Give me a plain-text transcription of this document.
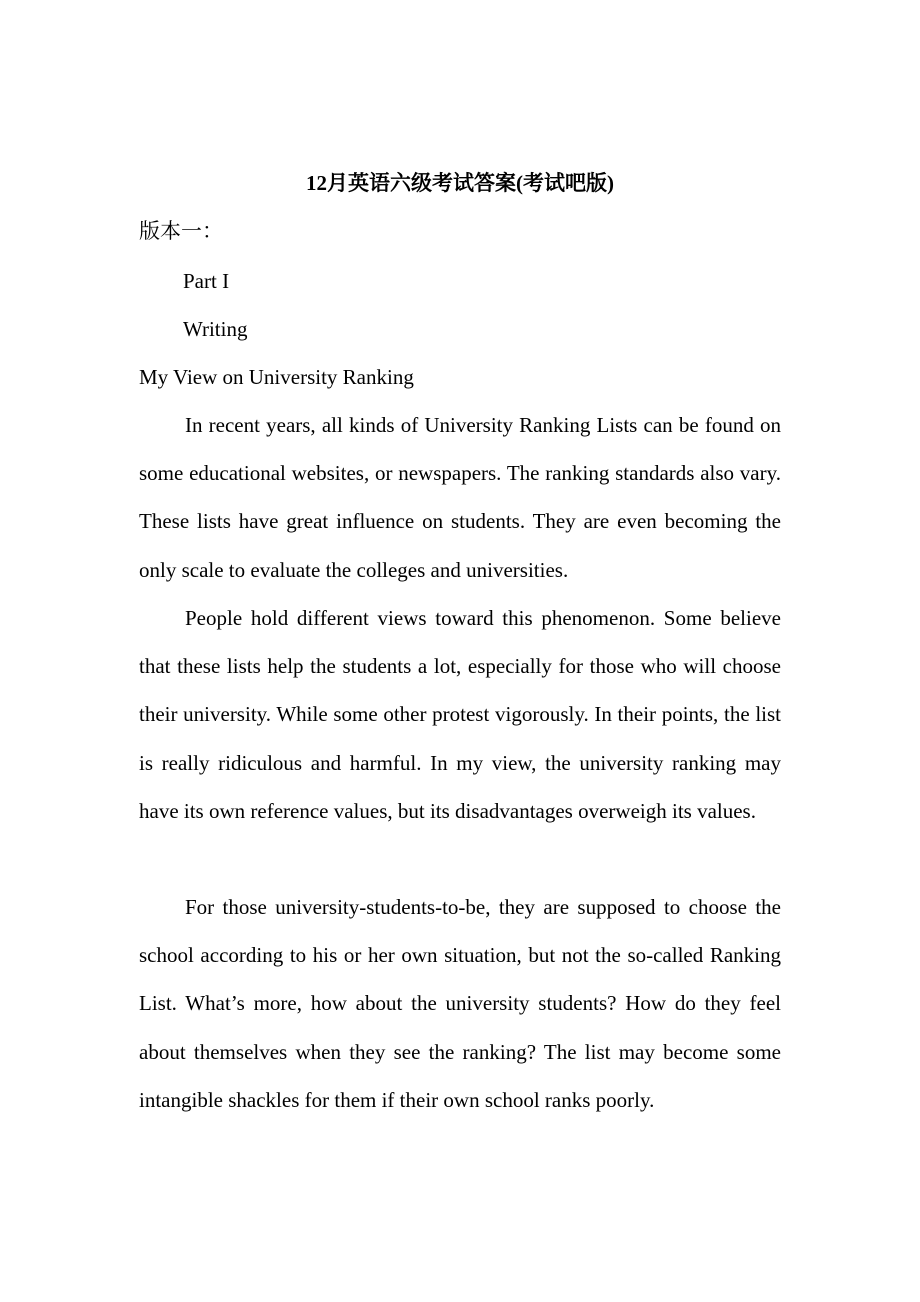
12月英语六级考试答案(考试吧版)
版本一：
Part I
Writing
My View on University Ranking

In recent years, all kinds of University Ranking Lists can be found on some educational websites, or newspapers. The ranking standards also vary. These lists have great influence on students. They are even becoming the only scale to evaluate the colleges and universities.

People hold different views toward this phenomenon. Some believe that these lists help the students a lot, especially for those who will choose their university. While some other protest vigorously. In their points, the list is really ridiculous and harmful. In my view, the university ranking may have its own reference values, but its disadvantages overweigh its values.

For those university-students-to-be, they are supposed to choose the school according to his or her own situation, but not the so-called Ranking List. What’s more, how about the university students? How do they feel about themselves when they see the ranking? The list may become some intangible shackles for them if their own school ranks poorly.
